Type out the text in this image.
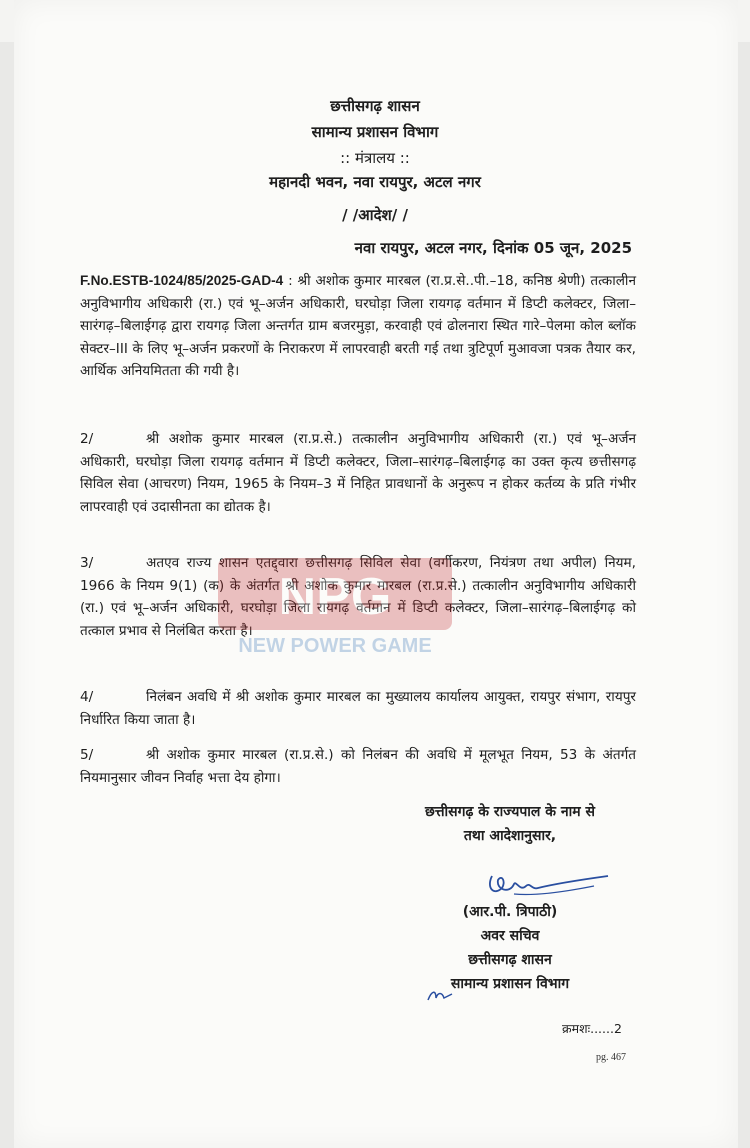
छत्तीसगढ़ शासन
सामान्य प्रशासन विभाग
:: मंत्रालय ::
महानदी भवन, नवा रायपुर, अटल नगर
/ /आदेश/ /
नवा रायपुर, अटल नगर, दिनांक 05 जून, 2025
F.No.ESTB-1024/85/2025-GAD-4 : श्री अशोक कुमार मारबल (रा.प्र.से..पी.–18, कनिष्ठ श्रेणी) तत्कालीन अनुविभागीय अधिकारी (रा.) एवं भू–अर्जन अधिकारी, घरघोड़ा जिला रायगढ़ वर्तमान में डिप्टी कलेक्टर, जिला–सारंगढ़–बिलाईगढ़ द्वारा रायगढ़ जिला अन्तर्गत ग्राम बजरमुड़ा, करवाही एवं ढोलनारा स्थित गारे–पेलमा कोल ब्लॉक सेक्टर–III के लिए भू–अर्जन प्रकरणों के निराकरण में लापरवाही बरती गई तथा त्रुटिपूर्ण मुआवजा पत्रक तैयार कर, आर्थिक अनियमितता की गयी है।
2/	श्री अशोक कुमार मारबल (रा.प्र.से.) तत्कालीन अनुविभागीय अधिकारी (रा.) एवं भू–अर्जन अधिकारी, घरघोड़ा जिला रायगढ़ वर्तमान में डिप्टी कलेक्टर, जिला–सारंगढ़–बिलाईगढ़ का उक्त कृत्य छत्तीसगढ़ सिविल सेवा (आचरण) नियम, 1965 के नियम–3 में निहित प्रावधानों के अनुरूप न होकर कर्तव्य के प्रति गंभीर लापरवाही एवं उदासीनता का द्योतक है।
3/	अतएव राज्य शासन एतद्द्वारा छत्तीसगढ़ सिविल सेवा (वर्गीकरण, नियंत्रण तथा अपील) नियम, 1966 के नियम 9(1) (क) के अंतर्गत श्री अशोक कुमार मारबल (रा.प्र.से.) तत्कालीन अनुविभागीय अधिकारी (रा.) एवं भू–अर्जन अधिकारी, घरघोड़ा जिला रायगढ़ वर्तमान में डिप्टी कलेक्टर, जिला–सारंगढ़–बिलाईगढ़ को तत्काल प्रभाव से निलंबित करता है।
4/	निलंबन अवधि में श्री अशोक कुमार मारबल का मुख्यालय कार्यालय आयुक्त, रायपुर संभाग, रायपुर निर्धारित किया जाता है।
5/	श्री अशोक कुमार मारबल (रा.प्र.से.) को निलंबन की अवधि में मूलभूत नियम, 53 के अंतर्गत नियमानुसार जीवन निर्वाह भत्ता देय होगा।
छत्तीसगढ़ के राज्यपाल के नाम से
तथा आदेशानुसार,
(आर.पी. त्रिपाठी)
अवर सचिव
छत्तीसगढ़ शासन
सामान्य प्रशासन विभाग
क्रमशः......2
pg. 467
NPG
NEW POWER GAME
